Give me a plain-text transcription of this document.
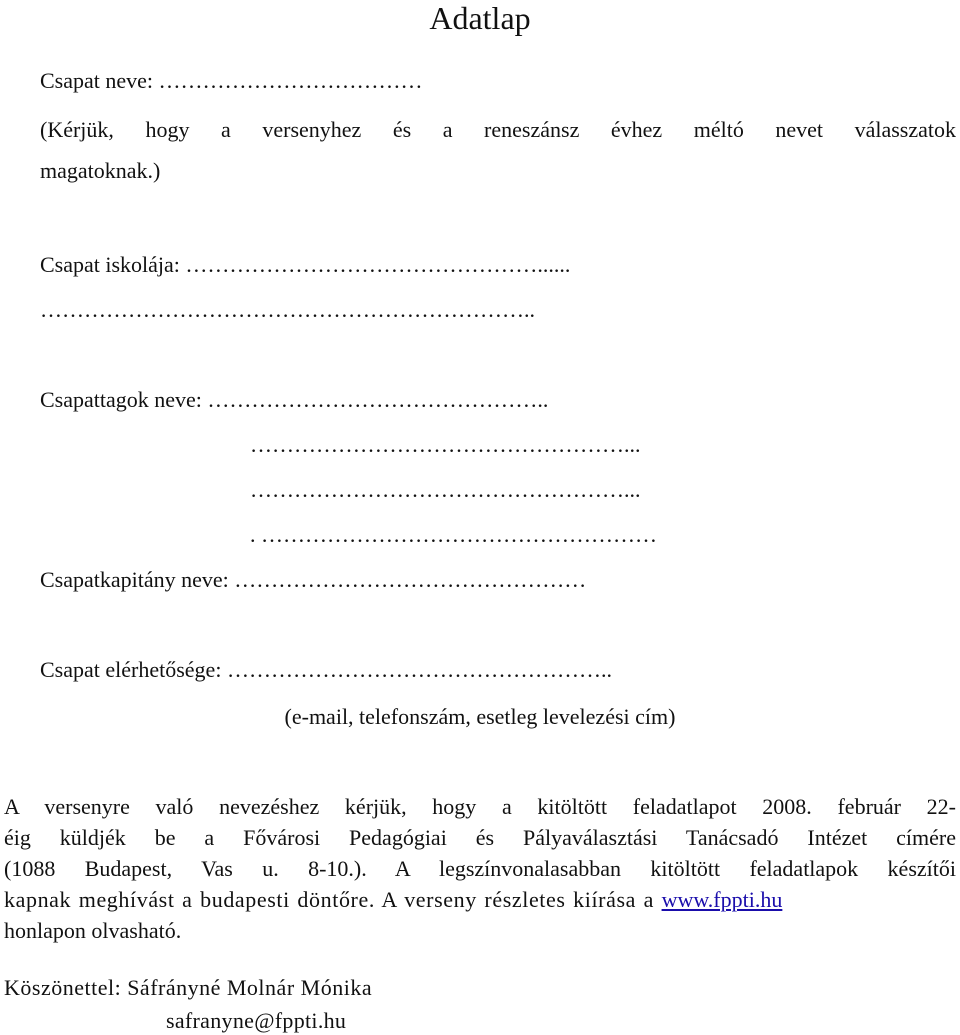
Adatlap
Csapat neve: ………………………………
(Kérjük, hogy a versenyhez és a reneszánsz évhez méltó nevet válasszatok
magatoknak.)
Csapat iskolája: …………………………………………......
…………………………………………………………..
Csapattagok neve: ………………………………………..
……………………………………………...
……………………………………………...
. ………………………………………………
Csapatkapitány neve: …………………………………………
Csapat elérhetősége: ……………………………………………..
(e-mail, telefonszám, esetleg levelezési cím)
A versenyre való nevezéshez kérjük, hogy a kitöltött feladatlapot 2008. február 22-
éig küldjék be a Fővárosi Pedagógiai és Pályaválasztási Tanácsadó Intézet címére
(1088 Budapest, Vas u. 8-10.). A legszínvonalasabban kitöltött feladatlapok készítői
kapnak meghívást a budapesti döntőre. A verseny részletes kiírása a www.fppti.hu
honlapon olvasható.
Köszönettel: Sáfrányné Molnár Mónika
safranyne@fppti.hu
